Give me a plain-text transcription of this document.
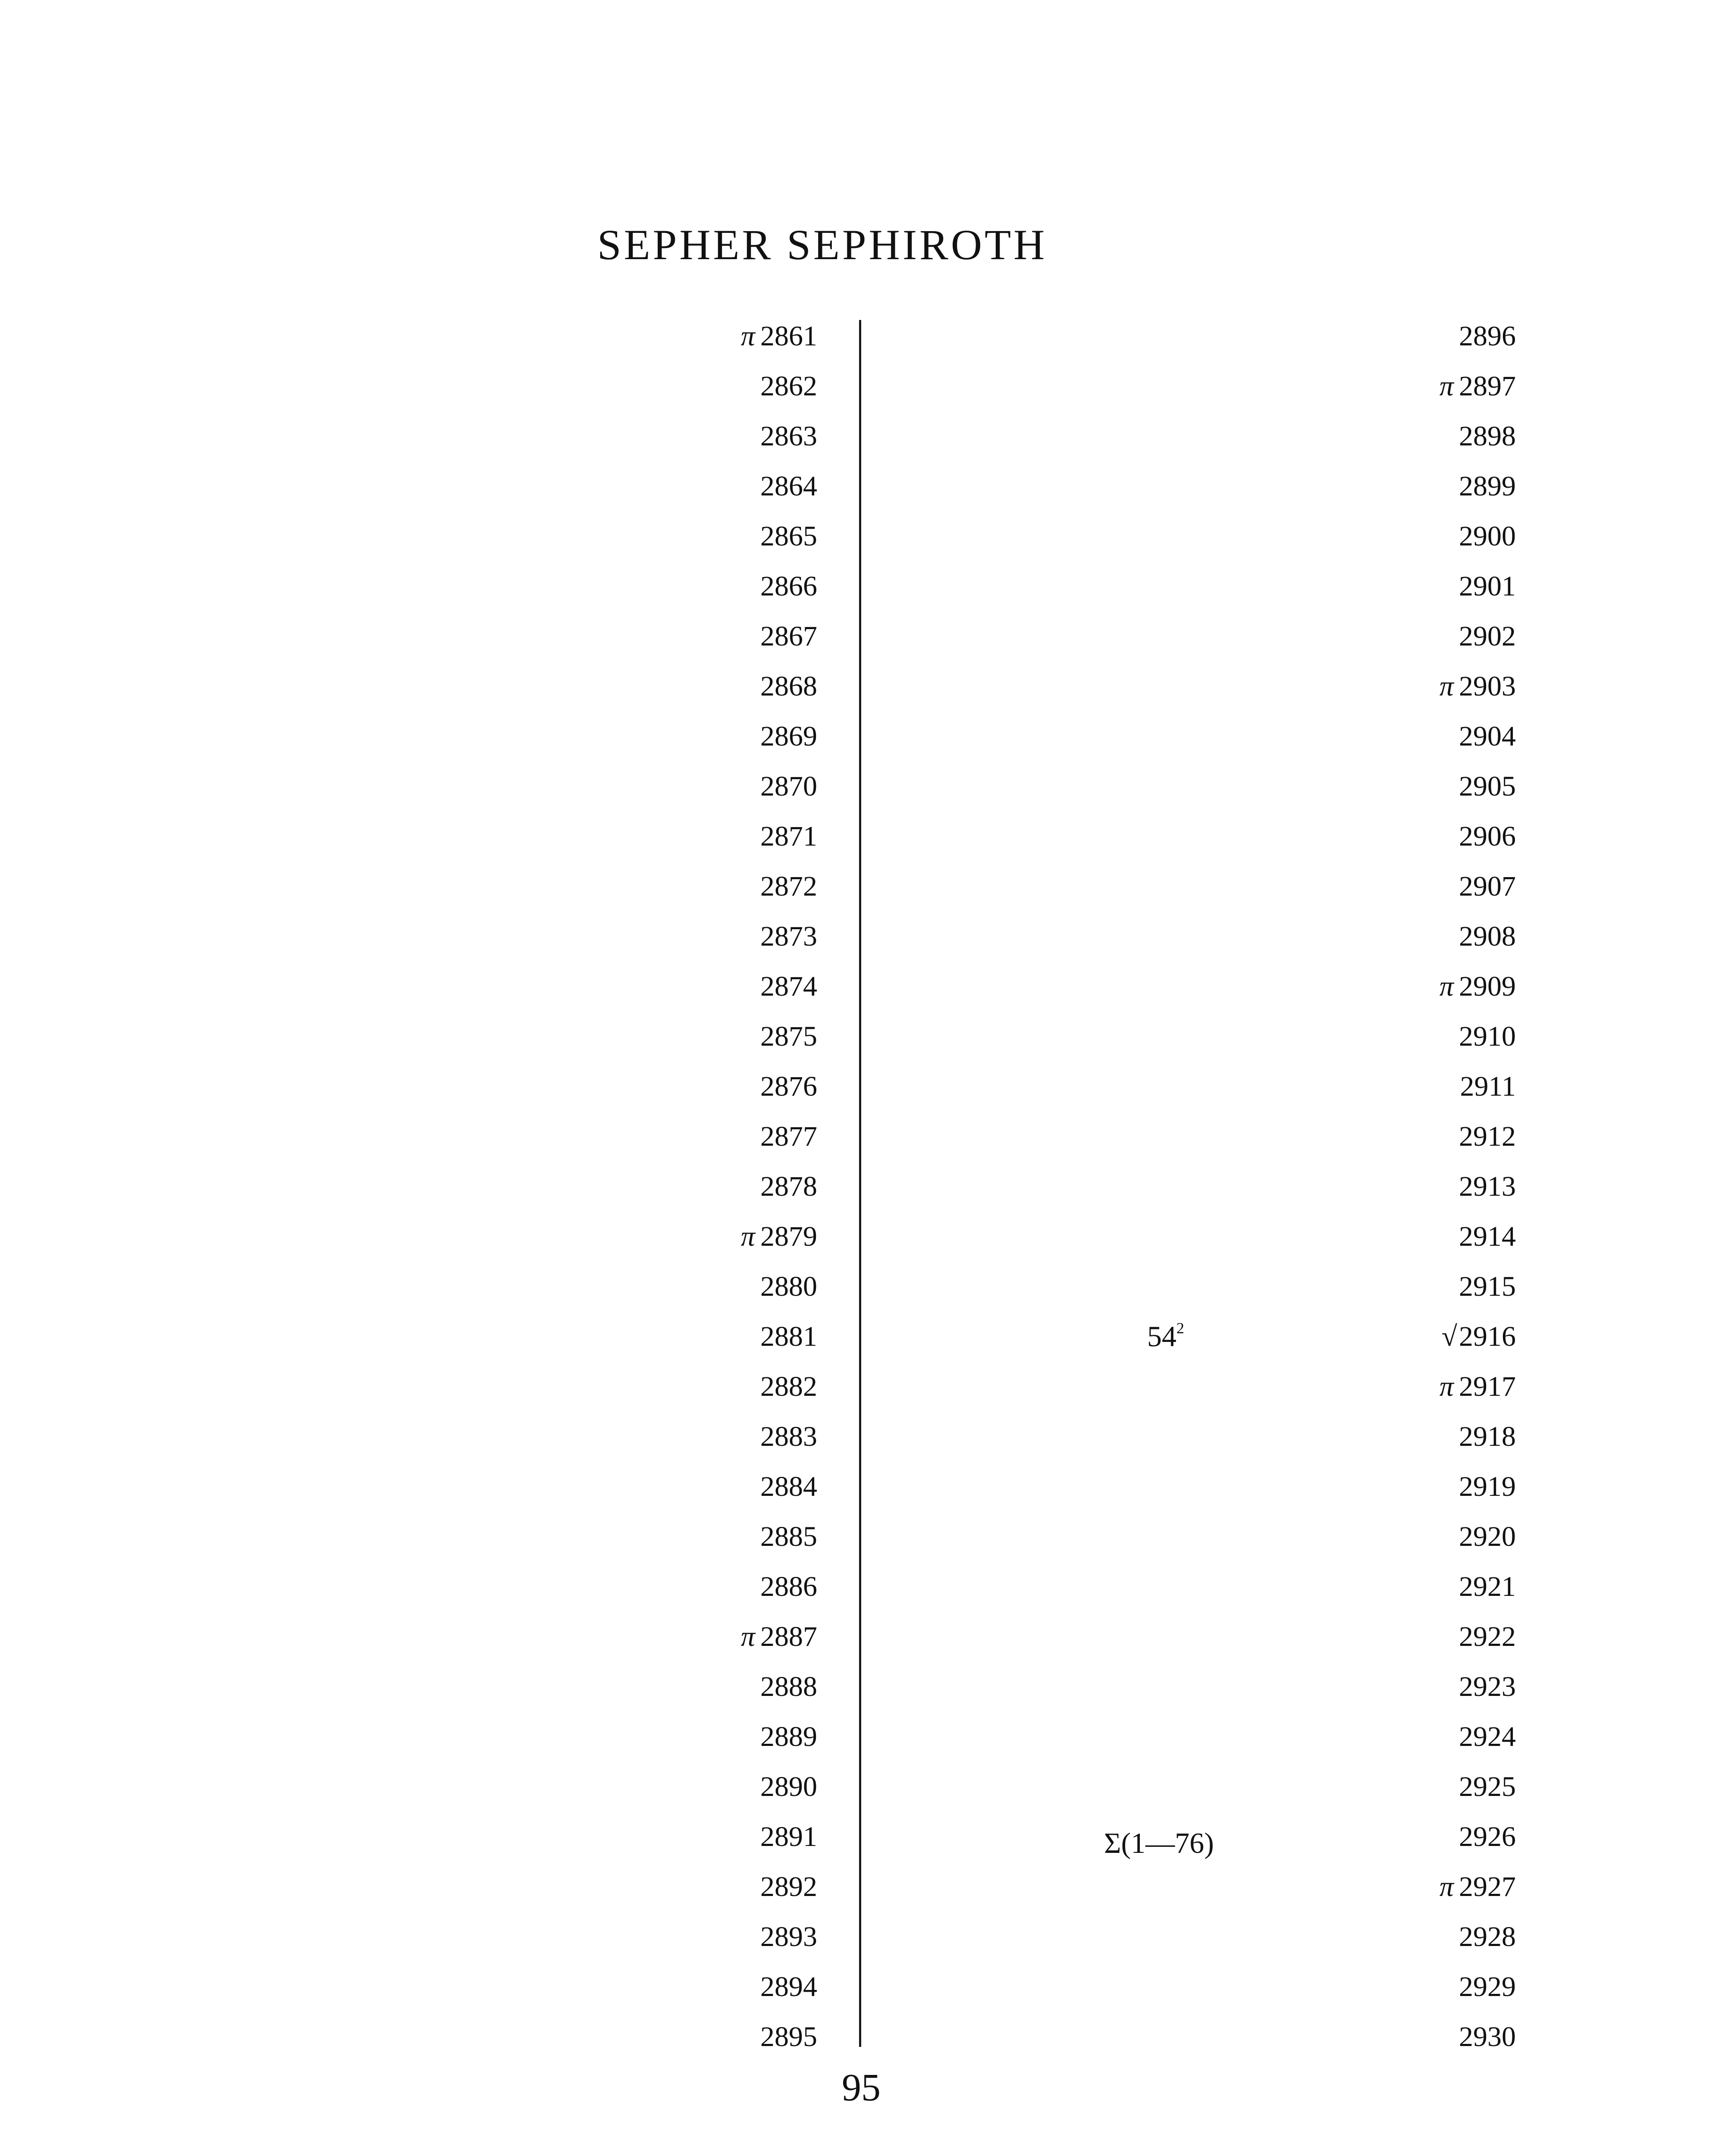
SEPHER SEPHIROTH
π 2861
2862
2863
2864
2865
2866
2867
2868
2869
2870
2871
2872
2873
2874
2875
2876
2877
2878
π 2879
2880
2881
2882
2883
2884
2885
2886
π 2887
2888
2889
2890
2891
2892
2893
2894
2895
2896
π 2897
2898
2899
2900
2901
2902
π 2903
2904
2905
2906
2907
2908
π 2909
2910
2911
2912
2913
2914
2915
√2916
π 2917
2918
2919
2920
2921
2922
2923
2924
2925
2926
π 2927
2928
2929
2930
54$^2$
Σ(1—76)
95
